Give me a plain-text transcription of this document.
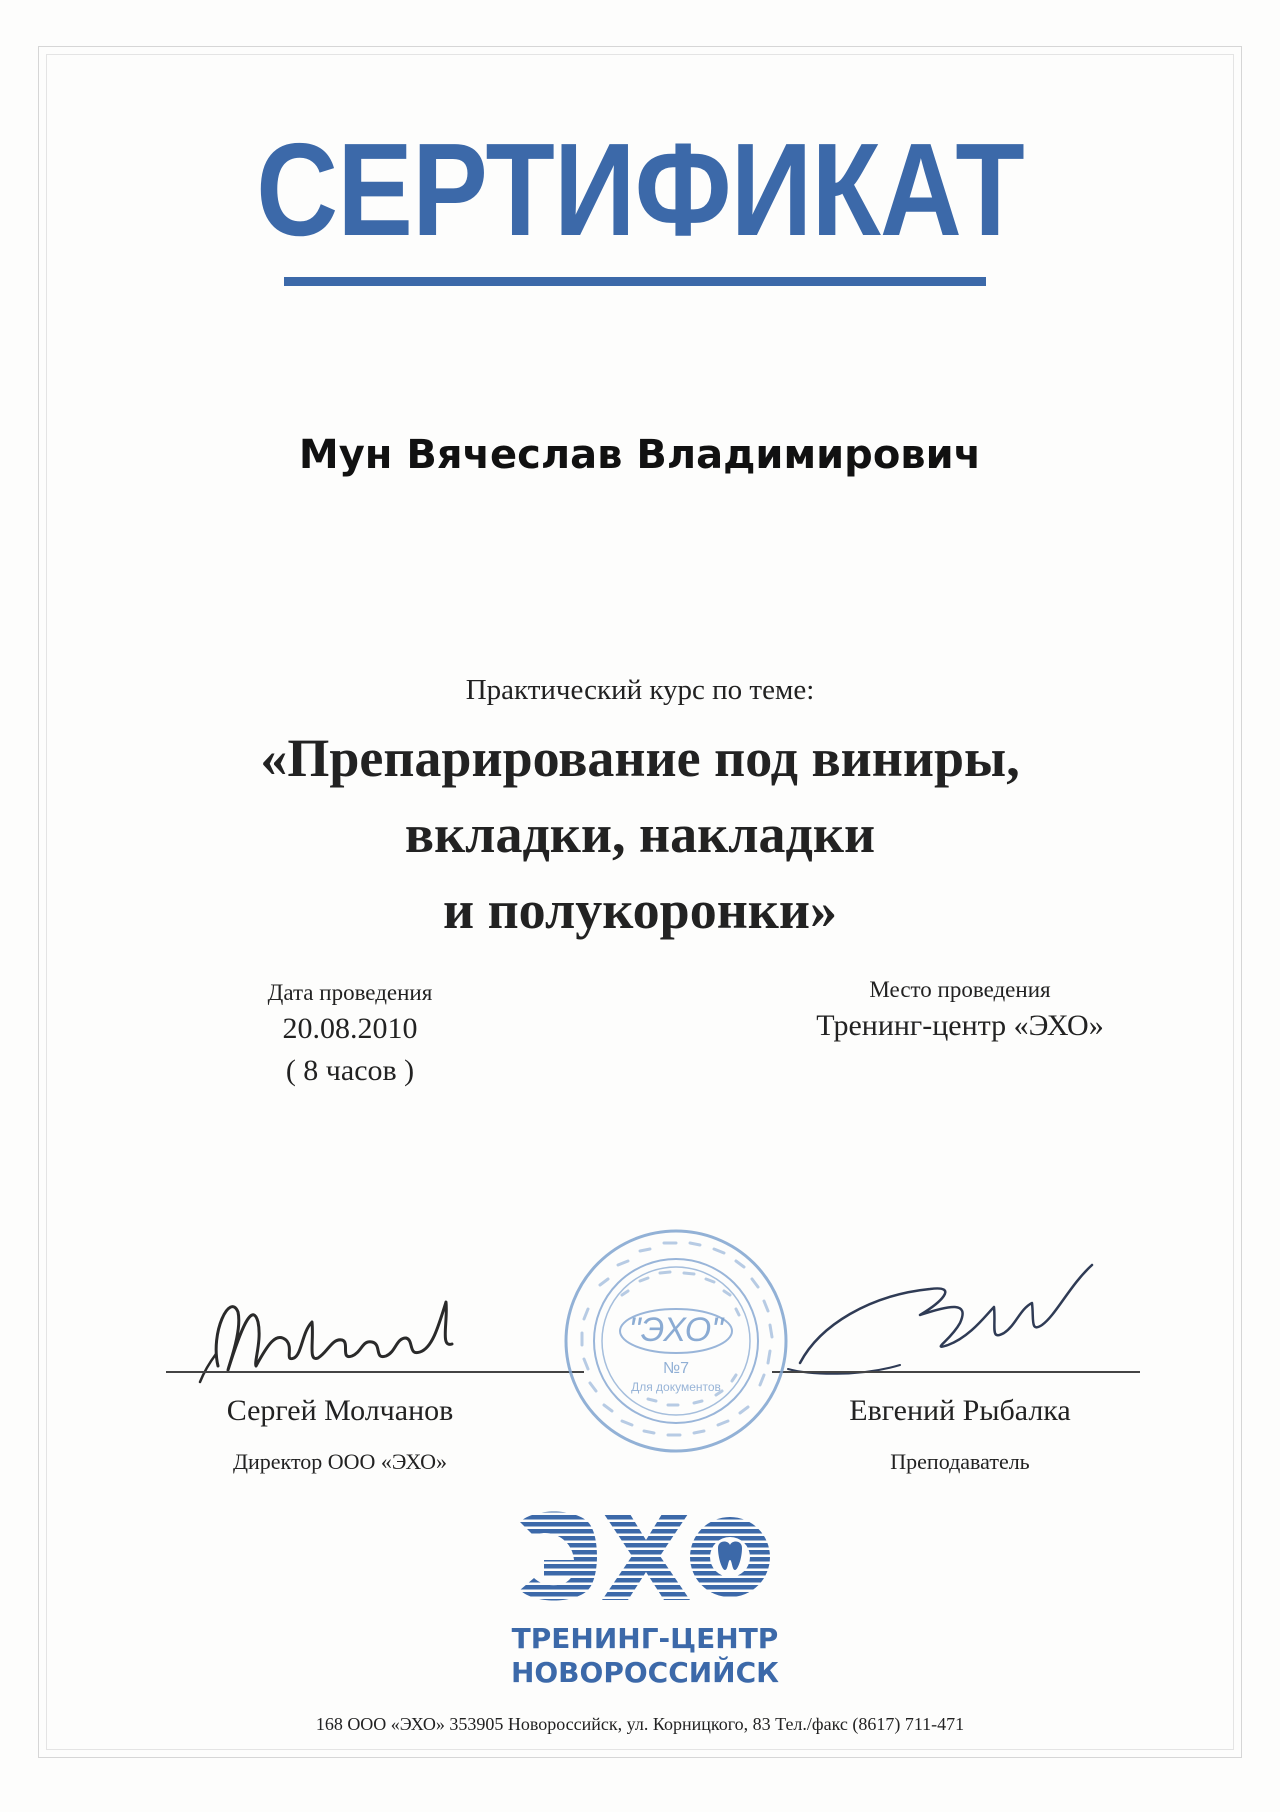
СЕРТИФИКАТ
Мун Вячеслав Владимирович
Практический курс по теме:
«Препарирование под виниры,
вкладки, накладки
и полукоронки»
Дата проведения
20.08.2010
( 8 часов )
Место проведения
Тренинг-центр «ЭХО»
"ЭХО"
№7
Для документов
Сергей Молчанов
Директор ООО «ЭХО»
Евгений Рыбалка
Преподаватель
ТРЕНИНГ-ЦЕНТР
НОВОРОССИЙСК
168 ООО «ЭХО» 353905 Новороссийск, ул. Корницкого, 83 Тел./факс (8617) 711-471
